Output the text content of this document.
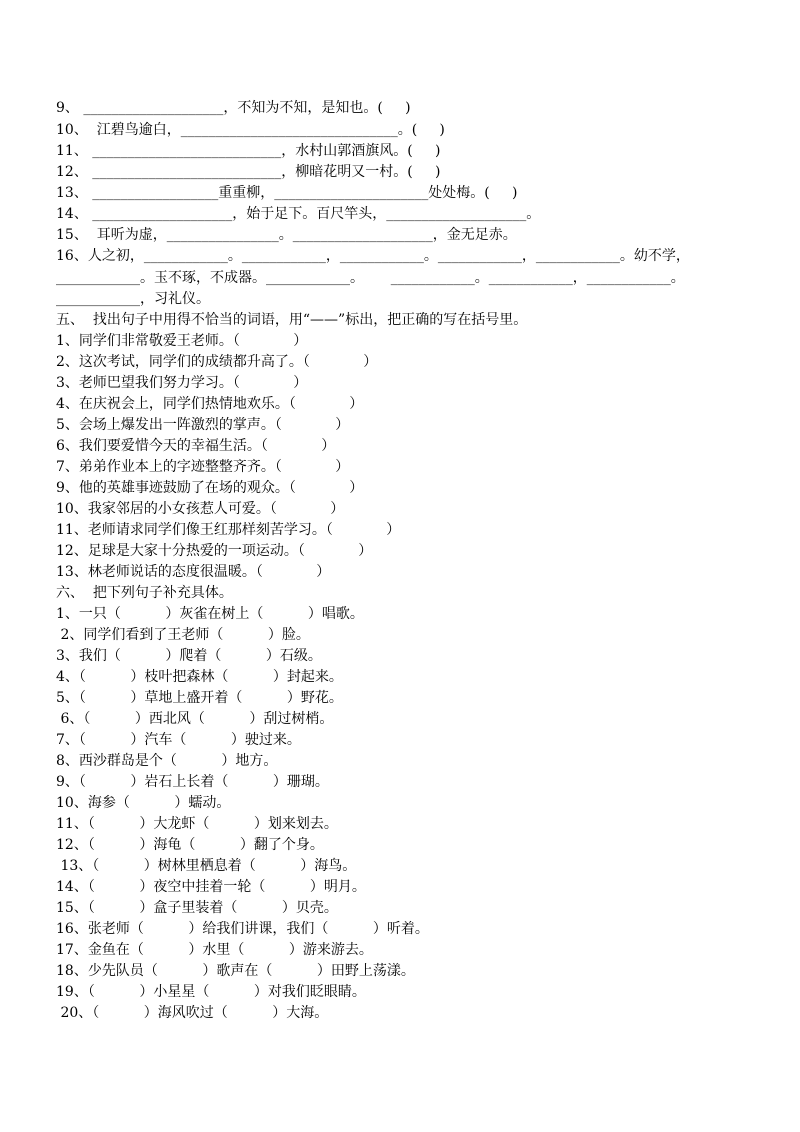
9、 ____________________，不知为不知，是知也。(     )
10、  江碧鸟逾白，_______________________________。(     )
11、 ___________________________，水村山郭酒旗风。(     )
12、 ___________________________，柳暗花明又一村。(     )
13、 __________________重重柳，______________________处处梅。(     )
14、 ____________________，始于足下。百尺竿头，____________________。
15、  耳听为虚，________________。____________________，金无足赤。
16、人之初，____________。____________，____________。____________，____________。幼不学，
____________。玉不琢，不成器。____________。      ____________。____________，____________。
____________，习礼仪。
五、  找出句子中用得不恰当的词语，用“——”标出，把正确的写在括号里。
1、同学们非常敬爱王老师。（            ）
2、这次考试，同学们的成绩都升高了。（            ）
3、老师巴望我们努力学习。（            ）
4、在庆祝会上，同学们热情地欢乐。（            ）
5、会场上爆发出一阵激烈的掌声。（            ）
6、我们要爱惜今天的幸福生活。（            ）
7、弟弟作业本上的字迹整整齐齐。（            ）
9、他的英雄事迹鼓励了在场的观众。（            ）
10、我家邻居的小女孩惹人可爱。（            ）
11、老师请求同学们像王红那样刻苦学习。（            ）
12、足球是大家十分热爱的一项运动。（            ）
13、林老师说话的态度很温暖。（            ）
六、  把下列句子补充具体。
1、一只（          ）灰雀在树上（          ）唱歌。
2、同学们看到了王老师（          ）脸。
3、我们（          ）爬着（          ）石级。
4、（          ）枝叶把森林（          ）封起来。
5、（          ）草地上盛开着（          ）野花。
6、（          ）西北风（          ）刮过树梢。
7、（          ）汽车（          ）驶过来。
8、西沙群岛是个（          ）地方。
9、（          ）岩石上长着（          ）珊瑚。
10、海参（          ）蠕动。
11、（          ）大龙虾（          ）划来划去。
12、（          ）海龟（          ）翻了个身。
13、（          ）树林里栖息着（          ）海鸟。
14、（          ）夜空中挂着一轮（          ）明月。
15、（          ）盒子里装着（          ）贝壳。
16、张老师（          ）给我们讲课，我们（          ）听着。
17、金鱼在（          ）水里（          ）游来游去。
18、少先队员（          ）歌声在（          ）田野上荡漾。
19、（          ）小星星（          ）对我们眨眼睛。
20、（          ）海风吹过（          ）大海。
